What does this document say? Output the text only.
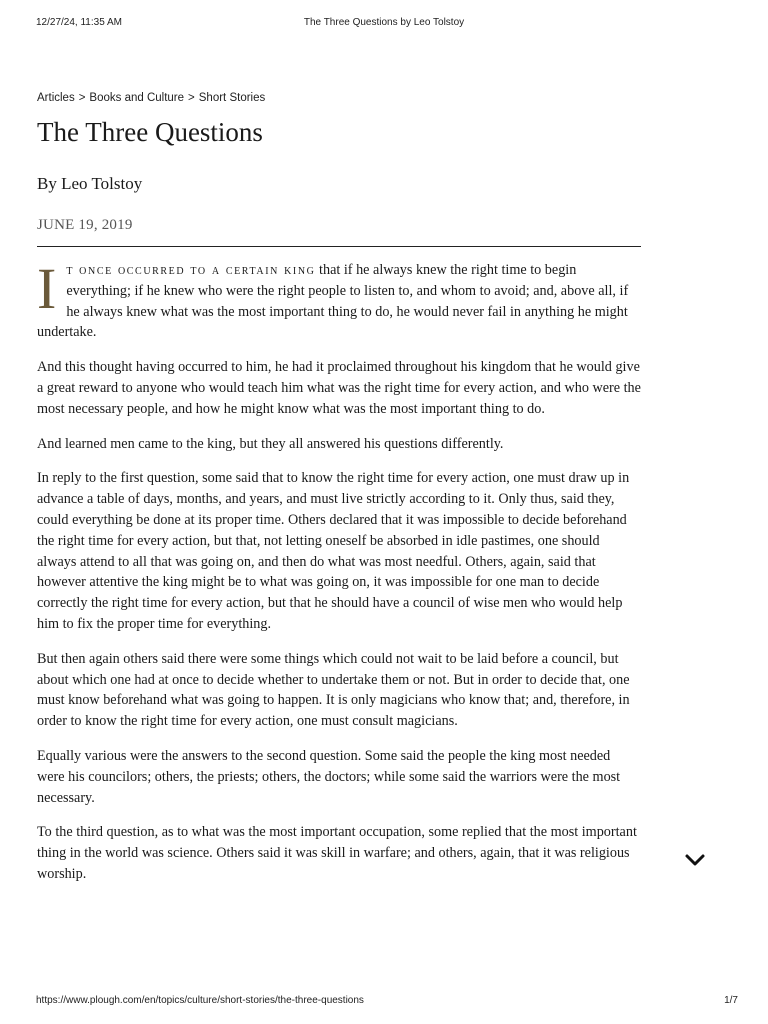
12/27/24, 11:35 AM	The Three Questions by Leo Tolstoy
Articles > Books and Culture > Short Stories
The Three Questions
By Leo Tolstoy
JUNE 19, 2019

It once occurred to a certain king that if he always knew the right time to begin everything; if he knew who were the right people to listen to, and whom to avoid; and, above all, if he always knew what was the most important thing to do, he would never fail in anything he might undertake.

And this thought having occurred to him, he had it proclaimed throughout his kingdom that he would give a great reward to anyone who would teach him what was the right time for every action, and who were the most necessary people, and how he might know what was the most important thing to do.

And learned men came to the king, but they all answered his questions differently.

In reply to the first question, some said that to know the right time for every action, one must draw up in advance a table of days, months, and years, and must live strictly according to it. Only thus, said they, could everything be done at its proper time. Others declared that it was impossible to decide beforehand the right time for every action, but that, not letting oneself be absorbed in idle pastimes, one should always attend to all that was going on, and then do what was most needful. Others, again, said that however attentive the king might be to what was going on, it was impossible for one man to decide correctly the right time for every action, but that he should have a council of wise men who would help him to fix the proper time for everything.

But then again others said there were some things which could not wait to be laid before a council, but about which one had at once to decide whether to undertake them or not. But in order to decide that, one must know beforehand what was going to happen. It is only magicians who know that; and, therefore, in order to know the right time for every action, one must consult magicians.

Equally various were the answers to the second question. Some said the people the king most needed were his councilors; others, the priests; others, the doctors; while some said the warriors were the most necessary.

To the third question, as to what was the most important occupation, some replied that the most important thing in the world was science. Others said it was skill in warfare; and others, again, that it was religious worship.

https://www.plough.com/en/topics/culture/short-stories/the-three-questions	1/7
